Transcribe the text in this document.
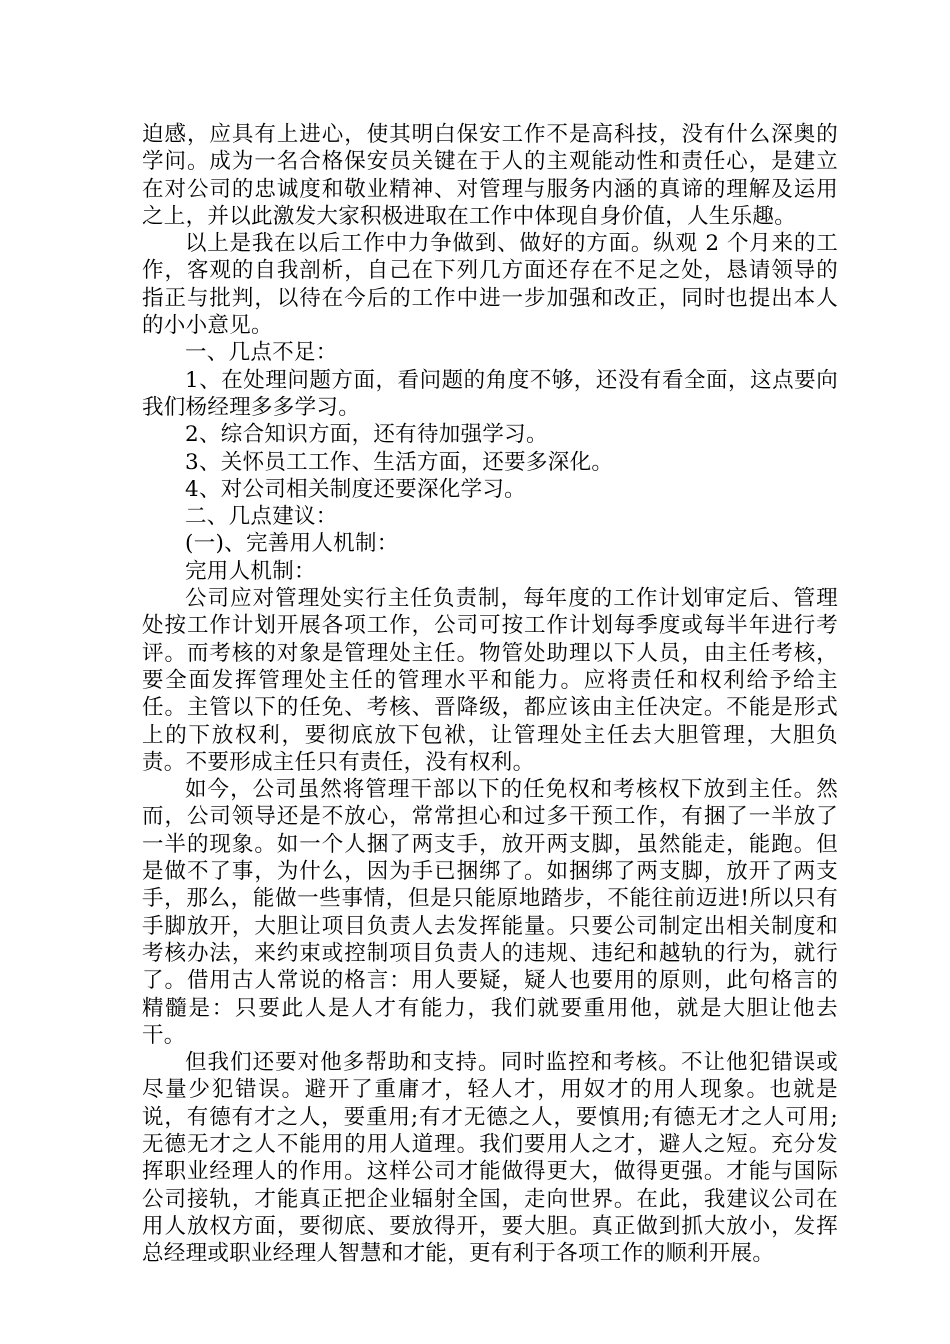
迫感，应具有上进心，使其明白保安工作不是高科技，没有什么深奥的学问。成为一名合格保安员关键在于人的主观能动性和责任心，是建立在对公司的忠诚度和敬业精神、对管理与服务内涵的真谛的理解及运用之上，并以此激发大家积极进取在工作中体现自身价值，人生乐趣。

以上是我在以后工作中力争做到、做好的方面。纵观 2 个月来的工作，客观的自我剖析，自己在下列几方面还存在不足之处，恳请领导的指正与批判，以待在今后的工作中进一步加强和改正，同时也提出本人的小小意见。

一、几点不足：

1、在处理问题方面，看问题的角度不够，还没有看全面，这点要向我们杨经理多多学习。

2、综合知识方面，还有待加强学习。

3、关怀员工工作、生活方面，还要多深化。

4、对公司相关制度还要深化学习。

二、几点建议：

(一)、完善用人机制：

完用人机制：

公司应对管理处实行主任负责制，每年度的工作计划审定后、管理处按工作计划开展各项工作，公司可按工作计划每季度或每半年进行考评。而考核的对象是管理处主任。物管处助理以下人员，由主任考核，要全面发挥管理处主任的管理水平和能力。应将责任和权利给予给主任。主管以下的任免、考核、晋降级，都应该由主任决定。不能是形式上的下放权利，要彻底放下包袱，让管理处主任去大胆管理，大胆负责。不要形成主任只有责任，没有权利。

如今，公司虽然将管理干部以下的任免权和考核权下放到主任。然而，公司领导还是不放心，常常担心和过多干预工作，有捆了一半放了一半的现象。如一个人捆了两支手，放开两支脚，虽然能走，能跑。但是做不了事，为什么，因为手已捆绑了。如捆绑了两支脚，放开了两支手，那么，能做一些事情，但是只能原地踏步，不能往前迈进!所以只有手脚放开，大胆让项目负责人去发挥能量。只要公司制定出相关制度和考核办法，来约束或控制项目负责人的违规、违纪和越轨的行为，就行了。借用古人常说的格言：用人要疑，疑人也要用的原则，此句格言的精髓是：只要此人是人才有能力，我们就要重用他，就是大胆让他去干。

但我们还要对他多帮助和支持。同时监控和考核。不让他犯错误或尽量少犯错误。避开了重庸才，轻人才，用奴才的用人现象。也就是说，有德有才之人，要重用;有才无德之人，要慎用;有德无才之人可用;无德无才之人不能用的用人道理。我们要用人之才，避人之短。充分发挥职业经理人的作用。这样公司才能做得更大，做得更强。才能与国际公司接轨，才能真正把企业辐射全国，走向世界。在此，我建议公司在用人放权方面，要彻底、要放得开，要大胆。真正做到抓大放小，发挥总经理或职业经理人智慧和才能，更有利于各项工作的顺利开展。
